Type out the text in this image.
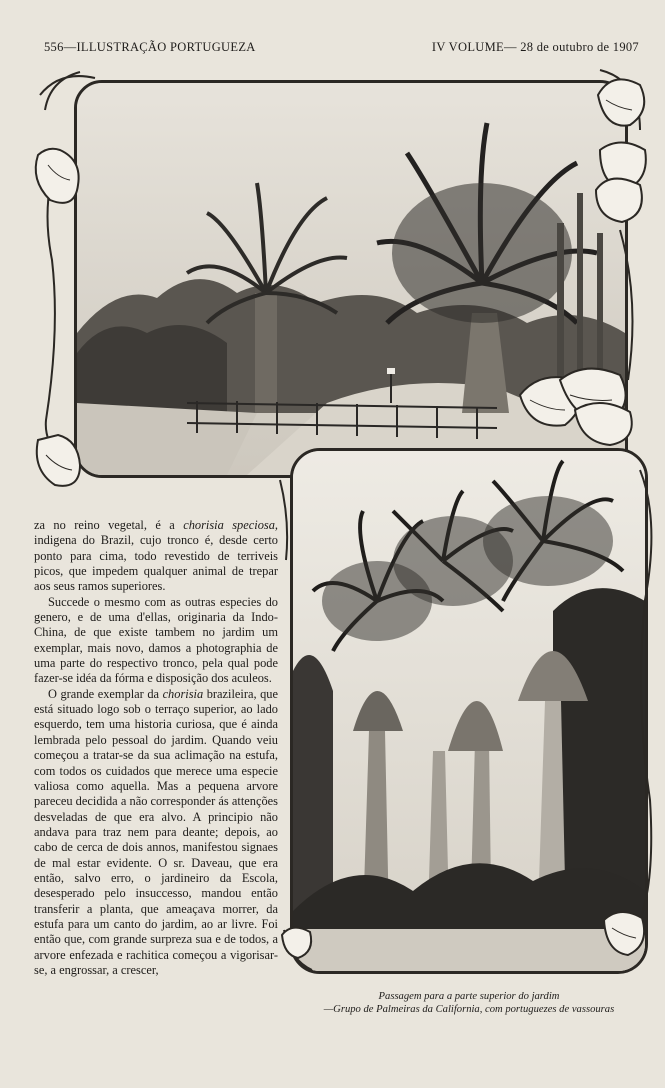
556—ILLUSTRAÇÃO PORTUGUEZA	IV VOLUME— 28 de outubro de 1907

za no reino vegetal, é a chorisia speciosa, indigena do Brazil, cujo tronco é, desde certo ponto para cima, todo revestido de terriveis picos, que impedem qualquer animal de trepar aos seus ramos superiores.

Succede o mesmo com as outras especies do genero, e de uma d'ellas, originaria da Indo-China, de que existe tambem no jardim um exemplar, mais novo, damos a photographia de uma parte do respectivo tronco, pela qual pode fazer-se idéa da fórma e disposição dos aculeos.

O grande exemplar da chorisia brazileira, que está situado logo sob o terraço superior, ao lado esquerdo, tem uma historia curiosa, que é ainda lembrada pelo pessoal do jardim. Quando veiu começou a tratar-se da sua aclimação na estufa, com todos os cuidados que merece uma especie valiosa como aquella. Mas a pequena arvore pareceu decidida a não corresponder ás attenções desveladas de que era alvo. A principio não andava para traz nem para deante; depois, ao cabo de cerca de dois annos, manifestou signaes de mal estar evidente. O sr. Daveau, que era então, salvo erro, o jardineiro da Escola, desesperado pelo insuccesso, mandou então transferir a planta, que ameaçava morrer, da estufa para um canto do jardim, ao ar livre. Foi então que, com grande surpreza sua e de todos, a arvore enfezada e rachitica começou a vigorisar-se, a engrossar, a crescer,

Passagem para a parte superior do jardim
—Grupo de Palmeiras da California, com portuguezes de vassouras
